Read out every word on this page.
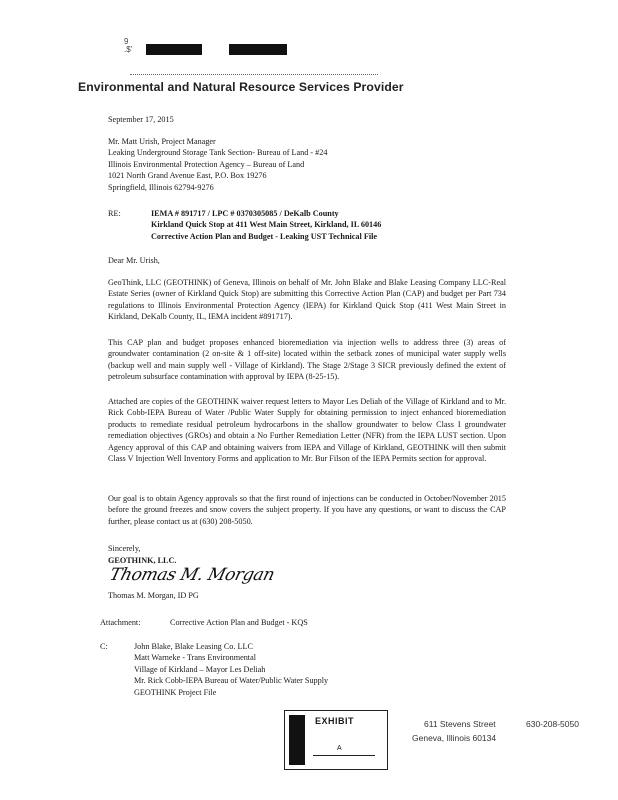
9
.$'
Environmental and Natural Resource Services Provider
September 17, 2015
Mr. Matt Urish, Project Manager
Leaking Underground Storage Tank Section- Bureau of Land - #24
Illinois Environmental Protection Agency – Bureau of Land
1021 North Grand Avenue East, P.O. Box 19276
Springfield, Illinois 62794-9276
RE:	IEMA # 891717 / LPC # 0370305085 / DeKalb County
Kirkland Quick Stop at 411 West Main Street, Kirkland, IL 60146
Corrective Action Plan and Budget - Leaking UST Technical File
Dear Mr. Urish,
GeoThink, LLC (GEOTHINK) of Geneva, Illinois on behalf of Mr. John Blake and Blake Leasing Company LLC-Real Estate Series (owner of Kirkland Quick Stop) are submitting this Corrective Action Plan (CAP) and budget per Part 734 regulations to Illinois Environmental Protection Agency (IEPA) for Kirkland Quick Stop (411 West Main Street in Kirkland, DeKalb County, IL, IEMA incident #891717).
This CAP plan and budget proposes enhanced bioremediation via injection wells to address three (3) areas of groundwater contamination (2 on-site & 1 off-site) located within the setback zones of municipal water supply wells (backup well and main supply well - Village of Kirkland). The Stage 2/Stage 3 SICR previously defined the extent of petroleum subsurface contamination with approval by IEPA (8-25-15).
Attached are copies of the GEOTHINK waiver request letters to Mayor Les Deliah of the Village of Kirkland and to Mr. Rick Cobb-IEPA Bureau of Water /Public Water Supply for obtaining permission to inject enhanced bioremediation products to remediate residual petroleum hydrocarbons in the shallow groundwater to below Class I groundwater remediation objectives (GROs) and obtain a No Further Remediation Letter (NFR) from the IEPA LUST section. Upon Agency approval of this CAP and obtaining waivers from IEPA and Village of Kirkland, GEOTHINK will then submit Class V Injection Well Inventory Forms and application to Mr. Bur Filson of the IEPA Permits section for approval.
Our goal is to obtain Agency approvals so that the first round of injections can be conducted in October/November 2015 before the ground freezes and snow covers the subject property. If you have any questions, or want to discuss the CAP further, please contact us at (630) 208-5050.
Sincerely,
GEOTHINK, LLC.
Thomas M. Morgan
Thomas M. Morgan, ID PG
Attachment:	Corrective Action Plan and Budget - KQS
C:	John Blake, Blake Leasing Co. LLC
Matt Warneke - Trans Environmental
Village of Kirkland – Mayor Les Deliah
Mr. Rick Cobb-IEPA Bureau of Water/Public Water Supply
GEOTHINK Project File
EXHIBIT
A
611 Stevens Street	630-208-5050
Geneva, Illinois 60134
